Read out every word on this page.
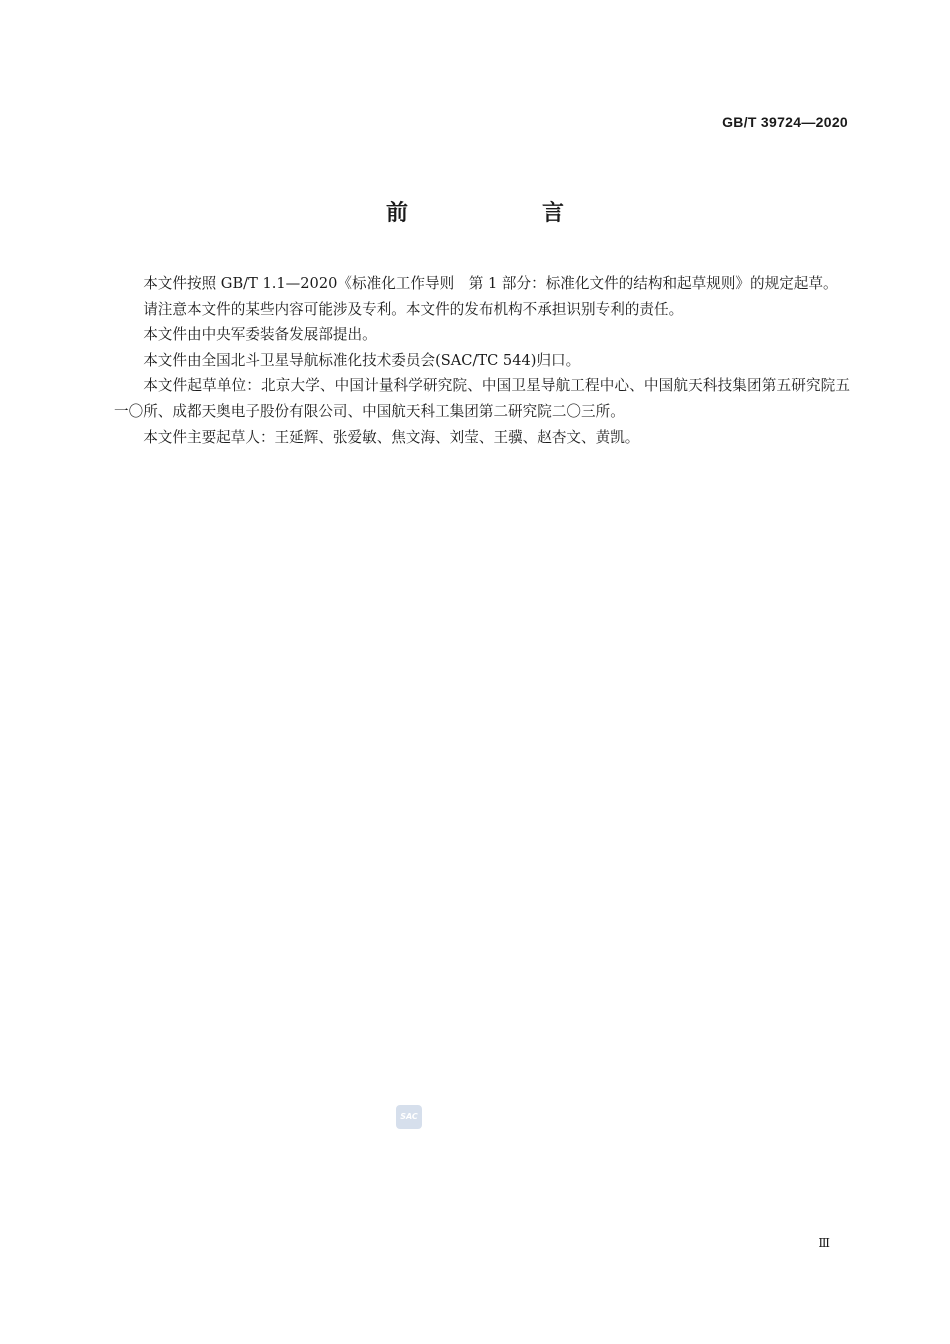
GB/T 39724—2020
前　言

本文件按照 GB/T 1.1—2020《标准化工作导则　第 1 部分：标准化文件的结构和起草规则》的规定起草。

请注意本文件的某些内容可能涉及专利。本文件的发布机构不承担识别专利的责任。

本文件由中央军委装备发展部提出。

本文件由全国北斗卫星导航标准化技术委员会(SAC/TC 544)归口。

本文件起草单位：北京大学、中国计量科学研究院、中国卫星导航工程中心、中国航天科技集团第五研究院五一〇所、成都天奥电子股份有限公司、中国航天科工集团第二研究院二〇三所。

本文件主要起草人：王延辉、张爱敏、焦文海、刘莹、王骥、赵杏文、黄凯。

SAC
Ⅲ
